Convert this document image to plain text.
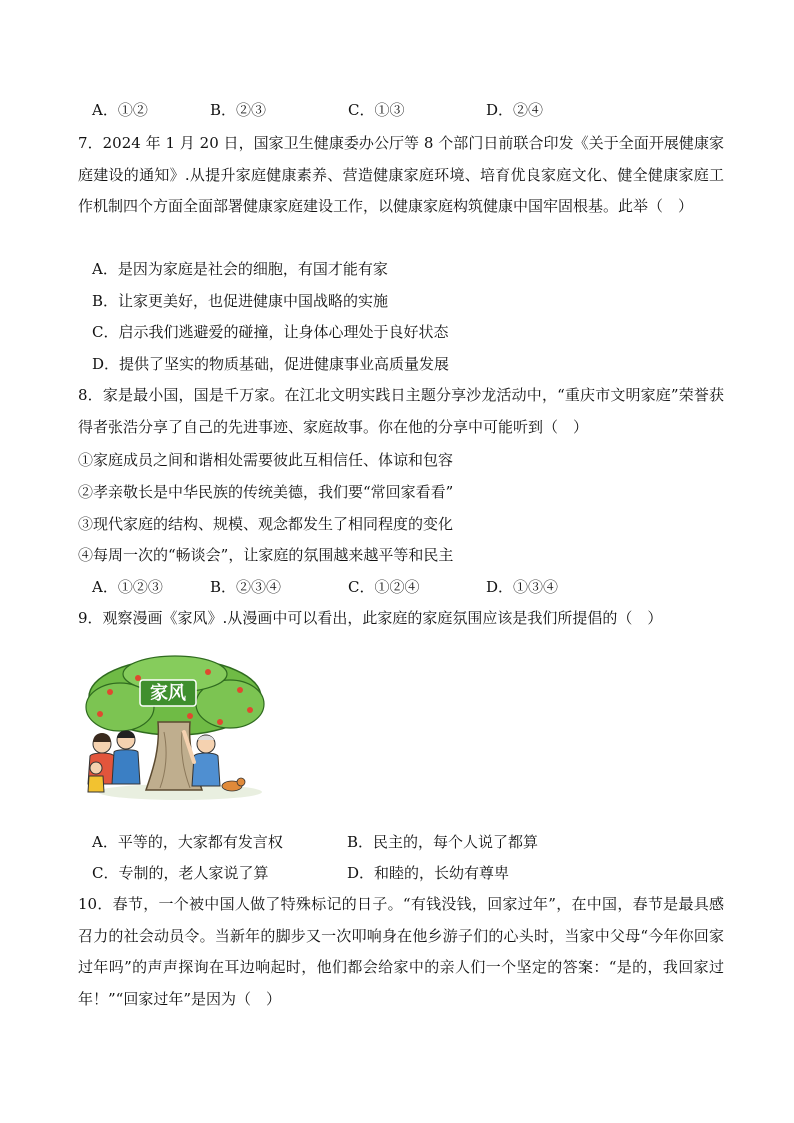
A．①②	B．②③	C．①③	D．②④
7．2024 年 1 月 20 日，国家卫生健康委办公厅等 8 个部门日前联合印发《关于全面开展健康家庭建设的通知》.从提升家庭健康素养、营造健康家庭环境、培育优良家庭文化、健全健康家庭工作机制四个方面全面部署健康家庭建设工作，以健康家庭构筑健康中国牢固根基。此举（　）
A．是因为家庭是社会的细胞，有国才能有家
B．让家更美好，也促进健康中国战略的实施
C．启示我们逃避爱的碰撞，让身体心理处于良好状态
D．提供了坚实的物质基础，促进健康事业高质量发展
8．家是最小国，国是千万家。在江北文明实践日主题分享沙龙活动中，“重庆市文明家庭”荣誉获得者张浩分享了自己的先进事迹、家庭故事。你在他的分享中可能听到（　）
①家庭成员之间和谐相处需要彼此互相信任、体谅和包容
②孝亲敬长是中华民族的传统美德，我们要“常回家看看”
③现代家庭的结构、规模、观念都发生了相同程度的变化
④每周一次的“畅谈会”，让家庭的氛围越来越平等和民主
A．①②③	B．②③④	C．①②④	D．①③④
9．观察漫画《家风》.从漫画中可以看出，此家庭的家庭氛围应该是我们所提倡的（　）
家风
A．平等的，大家都有发言权	B．民主的，每个人说了都算
C．专制的，老人家说了算	D．和睦的，长幼有尊卑
10．春节，一个被中国人做了特殊标记的日子。“有钱没钱，回家过年”，在中国，春节是最具感召力的社会动员令。当新年的脚步又一次叩响身在他乡游子们的心头时，当家中父母“今年你回家过年吗”的声声探询在耳边响起时，他们都会给家中的亲人们一个坚定的答案：“是的，我回家过年！”“回家过年”是因为（　）
